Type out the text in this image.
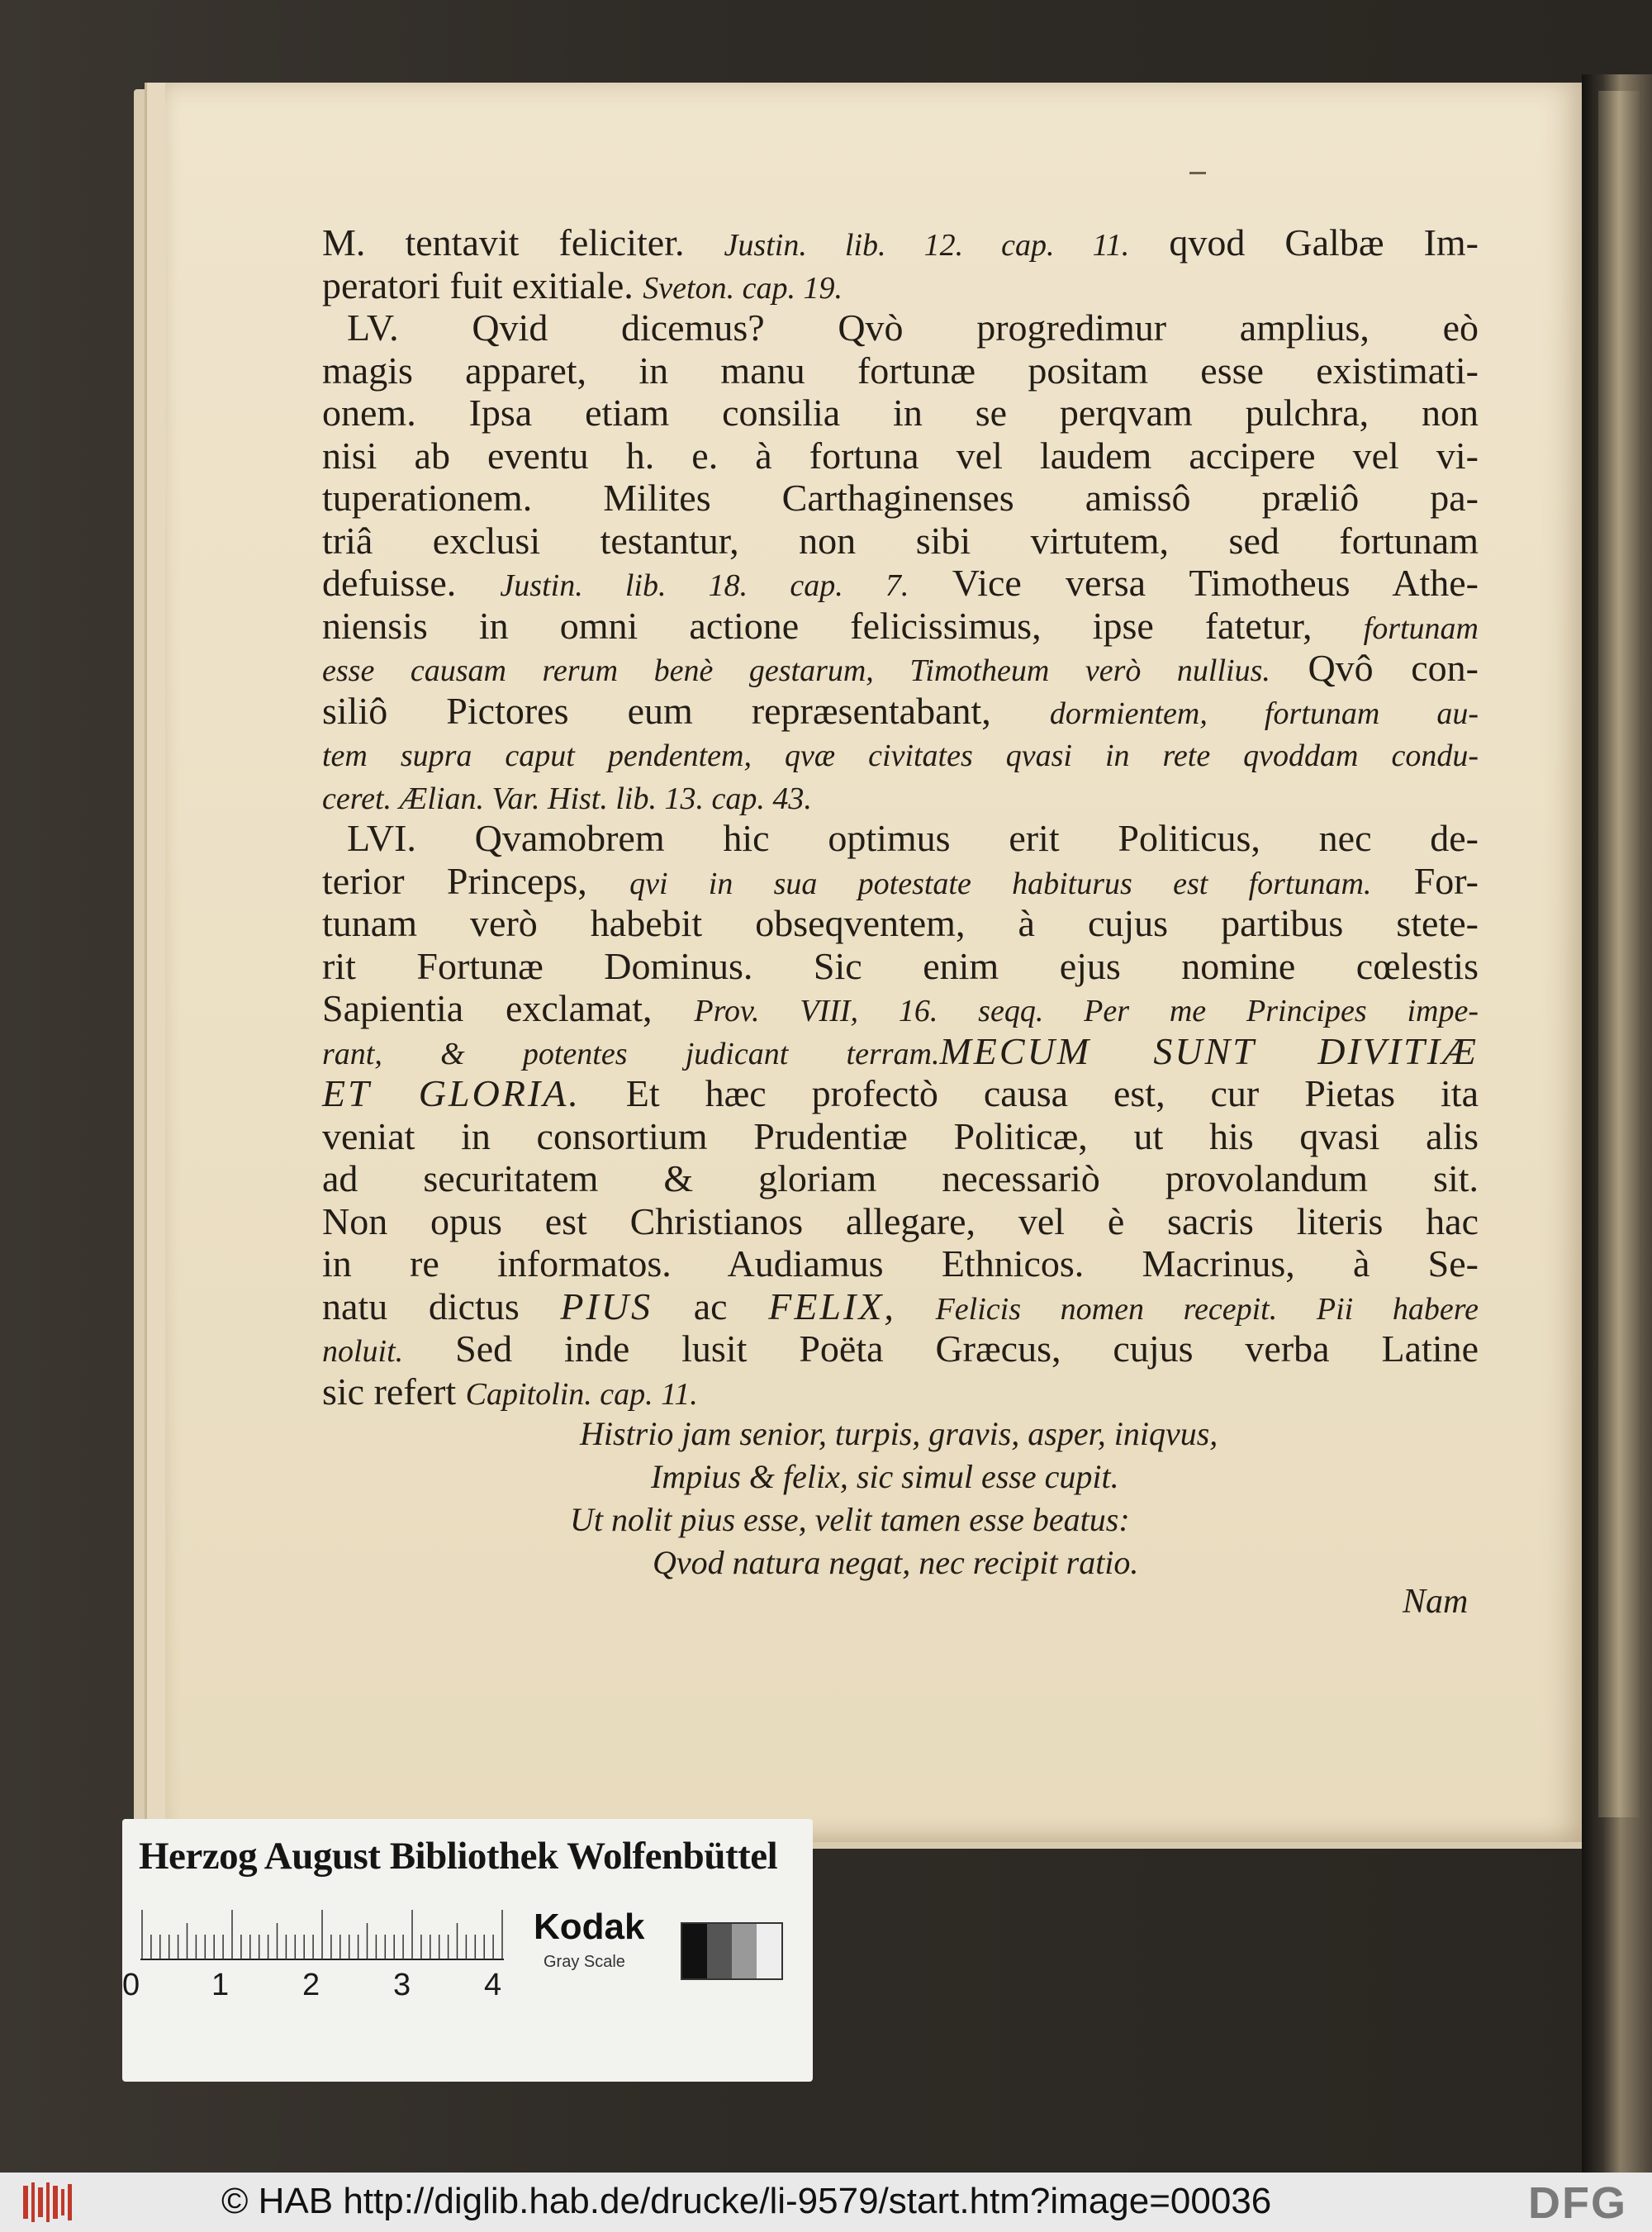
M. tentavit feliciter. Justin. lib. 12. cap. 11. qvod Galbæ Im-
peratori fuit exitiale. Sveton. cap. 19.
LV. Qvid dicemus? Qvò progredimur amplius, eò
magis apparet, in manu fortunæ positam esse existimati-
onem. Ipsa etiam consilia in se perqvam pulchra, non
nisi ab eventu h. e. à fortuna vel laudem accipere vel vi-
tuperationem. Milites Carthaginenses amissô præliô pa-
triâ exclusi testantur, non sibi virtutem, sed fortunam
defuisse. Justin. lib. 18. cap. 7. Vice versa Timotheus Athe-
niensis in omni actione felicissimus, ipse fatetur, fortunam
esse causam rerum benè gestarum, Timotheum verò nullius. Qvô con-
siliô Pictores eum repræsentabant, dormientem, fortunam au-
tem supra caput pendentem, qvæ civitates qvasi in rete qvoddam condu-
ceret. Ælian. Var. Hist. lib. 13. cap. 43.
LVI. Qvamobrem hic optimus erit Politicus, nec de-
terior Princeps, qvi in sua potestate habiturus est fortunam. For-
tunam verò habebit obseqventem, à cujus partibus stete-
rit Fortunæ Dominus. Sic enim ejus nomine cœlestis
Sapientia exclamat, Prov. VIII, 16. seqq. Per me Principes impe-
rant, & potentes judicant terram.MECUM SUNT DIVITIÆ
ET GLORIA. Et hæc profectò causa est, cur Pietas ita
veniat in consortium Prudentiæ Politicæ, ut his qvasi alis
ad securitatem & gloriam necessariò provolandum sit.
Non opus est Christianos allegare, vel è sacris literis hac
in re informatos. Audiamus Ethnicos. Macrinus, à Se-
natu dictus PIUS ac FELIX, Felicis nomen recepit. Pii habere
noluit. Sed inde lusit Poëta Græcus, cujus verba Latine
sic refert Capitolin. cap. 11.
Histrio jam senior, turpis, gravis, asper, iniqvus,
Impius & felix, sic simul esse cupit.
Ut nolit pius esse, velit tamen esse beatus:
Qvod natura negat, nec recipit ratio.
Nam
Herzog August Bibliothek Wolfenbüttel
0 1 2 3 4
Kodak
Gray Scale
© HAB http://diglib.hab.de/drucke/li-9579/start.htm?image=00036	DFG
